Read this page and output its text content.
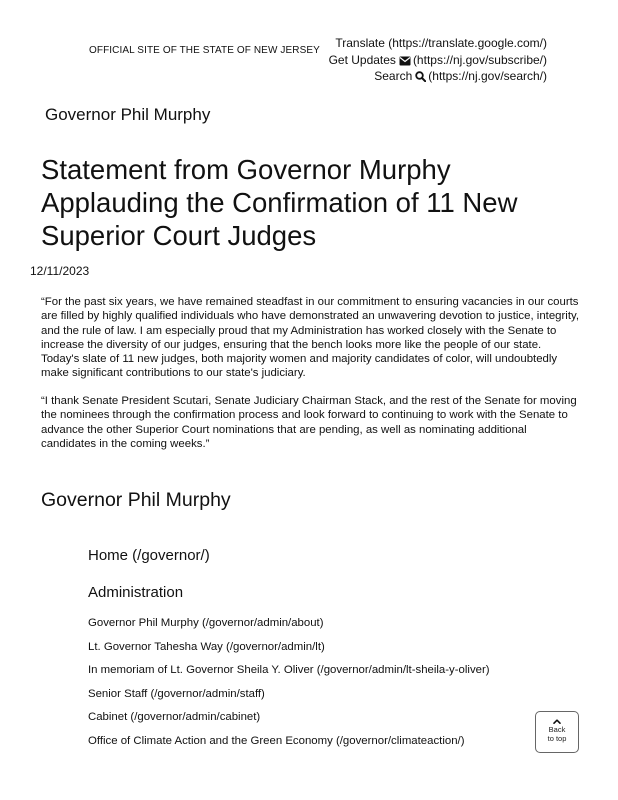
OFFICIAL SITE OF THE STATE OF NEW JERSEY
Translate (https://translate.google.com/)
Get Updates (https://nj.gov/subscribe/)
Search (https://nj.gov/search/)
Governor Phil Murphy
Statement from Governor Murphy Applauding the Confirmation of 11 New Superior Court Judges
12/11/2023

“For the past six years, we have remained steadfast in our commitment to ensuring vacancies in our courts are filled by highly qualified individuals who have demonstrated an unwavering devotion to justice, integrity, and the rule of law. I am especially proud that my Administration has worked closely with the Senate to increase the diversity of our judges, ensuring that the bench looks more like the people of our state. Today's slate of 11 new judges, both majority women and majority candidates of color, will undoubtedly make significant contributions to our state's judiciary.

“I thank Senate President Scutari, Senate Judiciary Chairman Stack, and the rest of the Senate for moving the nominees through the confirmation process and look forward to continuing to work with the Senate to advance the other Superior Court nominations that are pending, as well as nominating additional candidates in the coming weeks.”

Governor Phil Murphy
Home (/governor/)
Administration
Governor Phil Murphy (/governor/admin/about)
Lt. Governor Tahesha Way (/governor/admin/lt)
In memoriam of Lt. Governor Sheila Y. Oliver (/governor/admin/lt-sheila-y-oliver)
Senior Staff (/governor/admin/staff)
Cabinet (/governor/admin/cabinet)
Office of Climate Action and the Green Economy (/governor/climateaction/)
Back
to top
